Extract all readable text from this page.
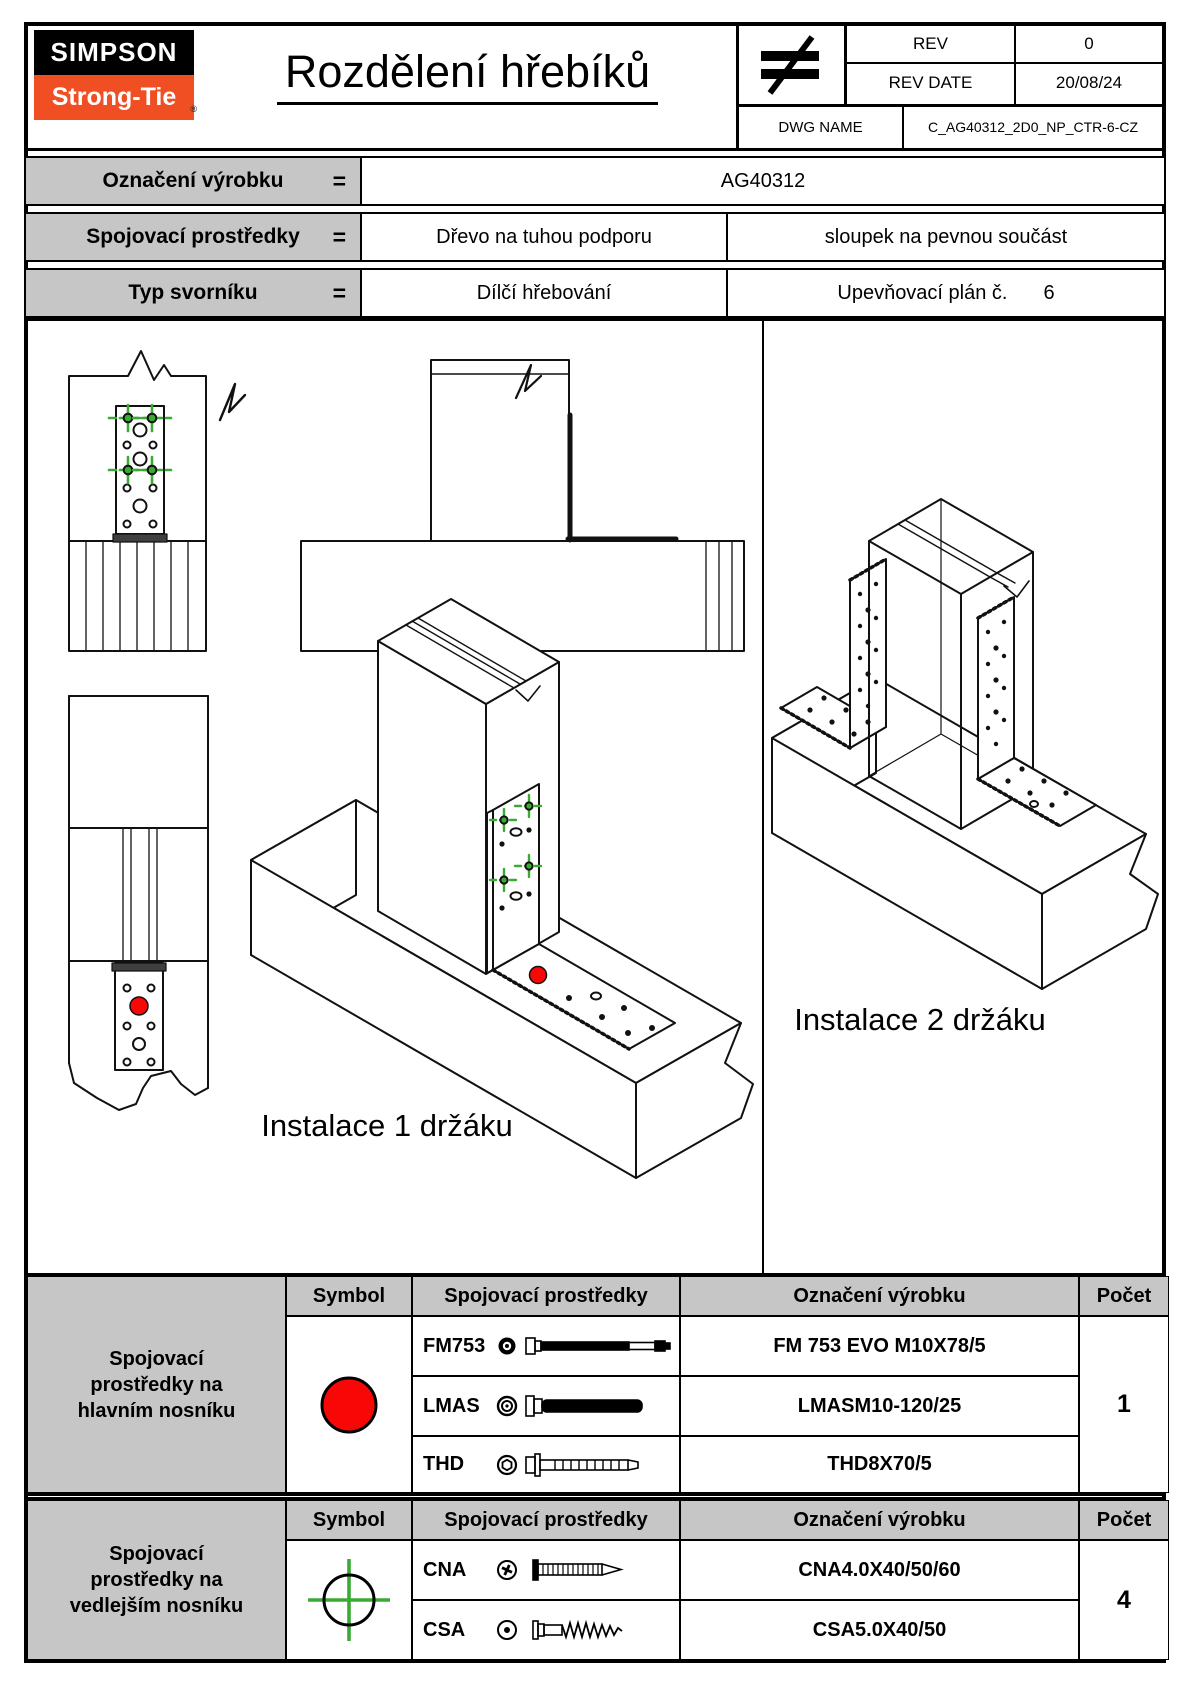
SIMPSON
Strong-Tie ®
Rozdělení hřebíků
REV	0
REV DATE	20/08/24
DWG NAME	C_AG40312_2D0_NP_CTR-6-CZ
Označení výrobku =	AG40312
Spojovací prostředky =	Dřevo na tuhou podporu	sloupek na pevnou součást
Typ svorníku	=	Dílčí hřebování	Upevňovací plán č. 6
Instalace 1 držáku
Instalace 2 držáku
Spojovací prostředky na hlavním nosníku
Symbol	Spojovací prostředky	Označení výrobku	Počet
FM753	FM 753 EVO M10X78/5
LMAS	LMASM10-120/25
THD	THD8X70/5
1
Spojovací prostředky na vedlejším nosníku
Symbol	Spojovací prostředky	Označení výrobku	Počet
CNA	CNA4.0X40/50/60
CSA	CSA5.0X40/50
4
